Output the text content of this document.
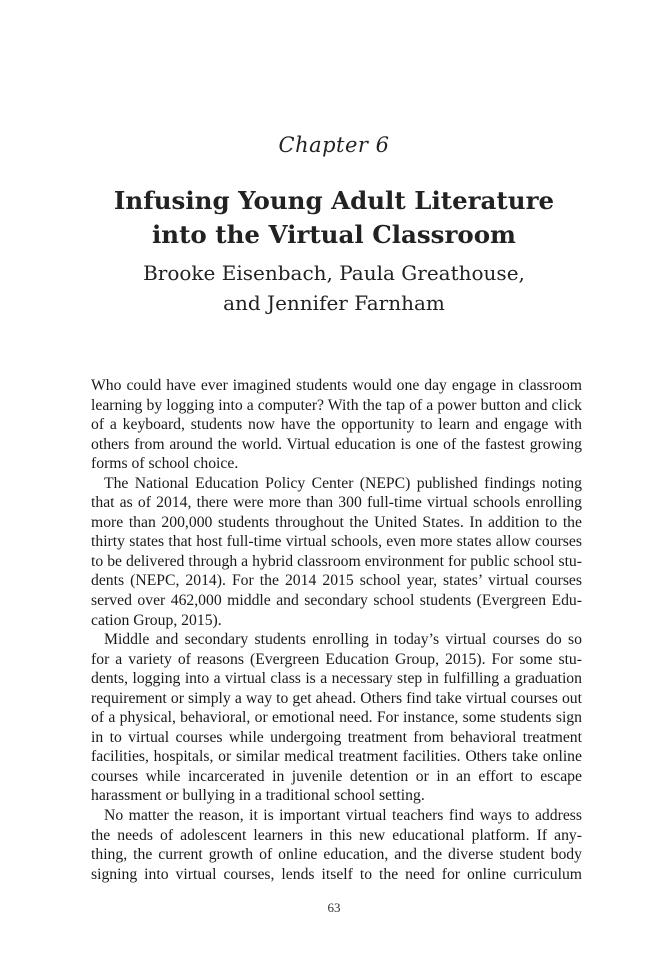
Chapter 6
Infusing Young Adult Literature
into the Virtual Classroom
Brooke Eisenbach, Paula Greathouse,
and Jennifer Farnham

Who could have ever imagined students would one day engage in classroom
learning by logging into a computer? With the tap of a power button and click
of a keyboard, students now have the opportunity to learn and engage with
others from around the world. Virtual education is one of the fastest growing
forms of school choice.

The National Education Policy Center (NEPC) published findings noting
that as of 2014, there were more than 300 full-time virtual schools enrolling
more than 200,000 students throughout the United States. In addition to the
thirty states that host full-time virtual schools, even more states allow courses
to be delivered through a hybrid classroom environment for public school stu-
dents (NEPC, 2014). For the 2014 2015 school year, states’ virtual courses
served over 462,000 middle and secondary school students (Evergreen Edu-
cation Group, 2015).

Middle and secondary students enrolling in today’s virtual courses do so
for a variety of reasons (Evergreen Education Group, 2015). For some stu-
dents, logging into a virtual class is a necessary step in fulfilling a graduation
requirement or simply a way to get ahead. Others find take virtual courses out
of a physical, behavioral, or emotional need. For instance, some students sign
in to virtual courses while undergoing treatment from behavioral treatment
facilities, hospitals, or similar medical treatment facilities. Others take online
courses while incarcerated in juvenile detention or in an effort to escape
harassment or bullying in a traditional school setting.

No matter the reason, it is important virtual teachers find ways to address
the needs of adolescent learners in this new educational platform. If any-
thing, the current growth of online education, and the diverse student body
signing into virtual courses, lends itself to the need for online curriculum

63
